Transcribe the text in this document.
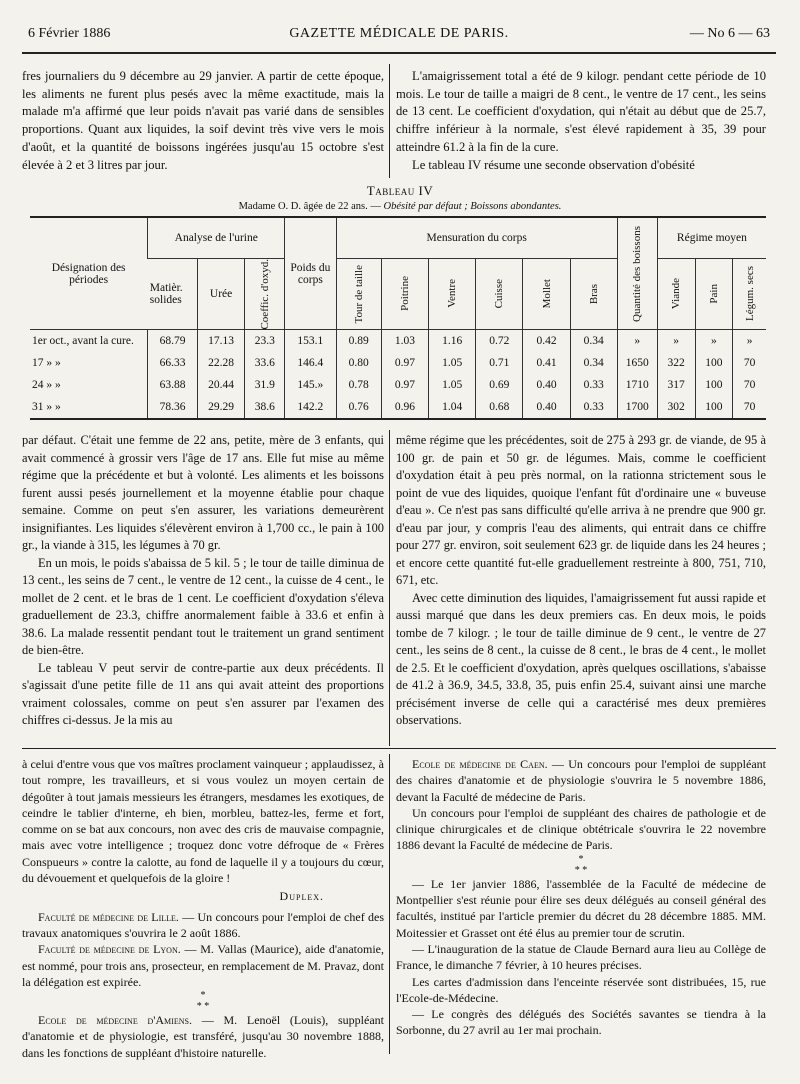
6 Février 1886	GAZETTE MÉDICALE DE PARIS.	— No 6 — 63

fres journaliers du 9 décembre au 29 janvier. A partir de cette époque, les aliments ne furent plus pesés avec la même exactitude, mais la malade m'a affirmé que leur poids n'avait pas varié dans de sensibles proportions. Quant aux liquides, la soif devint très vive vers le mois d'août, et la quantité de boissons ingérées jusqu'au 15 octobre s'est élevée à 2 et 3 litres par jour.

L'amaigrissement total a été de 9 kilogr. pendant cette période de 10 mois. Le tour de taille a maigri de 8 cent., le ventre de 17 cent., les seins de 13 cent. Le coefficient d'oxydation, qui n'était au début que de 25.7, chiffre inférieur à la normale, s'est élevé rapidement à 35, 39 pour atteindre 61.2 à la fin de la cure.

Le tableau IV résume une seconde observation d'obésité

Tableau IV
Madame O. D. âgée de 22 ans. — Obésité par défaut ; Boissons abondantes.
Désignation des périodes	Analyse de l'urine			Poids du corps	Mensuration du corps						Quantité des boissons	Régime moyen		
	Matièr. solides	Urée	Coeffic. d'oxyd.		Tour de taille	Poitrine	Ventre	Cuisse	Mollet	Bras		Viande	Pain	Légum. secs

1er oct., avant la cure.	68.79	17.13	23.3	153.1	0.89	1.03	1.16	0.72	0.42	0.34	»	»	»	»
17 » »	66.33	22.28	33.6	146.4	0.80	0.97	1.05	0.71	0.41	0.34	1650	322	100	70
24 » »	63.88	20.44	31.9	145.»	0.78	0.97	1.05	0.69	0.40	0.33	1710	317	100	70
31 » »	78.36	29.29	38.6	142.2	0.76	0.96	1.04	0.68	0.40	0.33	1700	302	100	70

par défaut. C'était une femme de 22 ans, petite, mère de 3 enfants, qui avait commencé à grossir vers l'âge de 17 ans. Elle fut mise au même régime que la précédente et but à volonté. Les aliments et les boissons furent aussi pesés journellement et la moyenne établie pour chaque semaine. Comme on peut s'en assurer, les variations demeurèrent insignifiantes. Les liquides s'élevèrent environ à 1,700 cc., le pain à 100 gr., la viande à 315, les légumes à 70 gr.

En un mois, le poids s'abaissa de 5 kil. 5 ; le tour de taille diminua de 13 cent., les seins de 7 cent., le ventre de 12 cent., la cuisse de 4 cent., le mollet de 2 cent. et le bras de 1 cent. Le coefficient d'oxydation s'éleva graduellement de 23.3, chiffre anormalement faible à 33.6 et enfin à 38.6. La malade ressentit pendant tout le traitement un grand sentiment de bien-être.

Le tableau V peut servir de contre-partie aux deux précédents. Il s'agissait d'une petite fille de 11 ans qui avait atteint des proportions vraiment colossales, comme on peut s'en assurer par l'examen des chiffres ci-dessus. Je la mis au

même régime que les précédentes, soit de 275 à 293 gr. de viande, de 95 à 100 gr. de pain et 50 gr. de légumes. Mais, comme le coefficient d'oxydation était à peu près normal, on la rationna strictement sous le point de vue des liquides, quoique l'enfant fût d'ordinaire une « buveuse d'eau ». Ce n'est pas sans difficulté qu'elle arriva à ne prendre que 900 gr. d'eau par jour, y compris l'eau des aliments, qui entrait dans ce chiffre pour 277 gr. environ, soit seulement 623 gr. de liquide dans les 24 heures ; et encore cette quantité fut-elle graduellement restreinte à 800, 751, 710, 671, etc.

Avec cette diminution des liquides, l'amaigrissement fut aussi rapide et aussi marqué que dans les deux premiers cas. En deux mois, le poids tombe de 7 kilogr. ; le tour de taille diminue de 9 cent., le ventre de 27 cent., les seins de 8 cent., la cuisse de 8 cent., le bras de 4 cent., le mollet de 2.5. Et le coefficient d'oxydation, après quelques oscillations, s'abaisse de 41.2 à 36.9, 34.5, 33.8, 35, puis enfin 25.4, suivant ainsi une marche précisément inverse de celle qui a caractérisé mes deux premières observations.

à celui d'entre vous que vos maîtres proclament vainqueur ; applaudissez, à tout rompre, les travailleurs, et si vous voulez un moyen certain de dégoûter à tout jamais messieurs les étrangers, mesdames les exotiques, de ceindre le tablier d'interne, eh bien, morbleu, battez-les, ferme et fort, comme on se bat aux concours, non avec des cris de mauvaise compagnie, mais avec votre intelligence ; troquez donc votre défroque de « Frères Conspueurs » contre la calotte, au fond de laquelle il y a toujours du cœur, du dévouement et quelquefois de la gloire !

Duplex.

Faculté de médecine de Lille. — Un concours pour l'emploi de chef des travaux anatomiques s'ouvrira le 2 août 1886.

Faculté de médecine de Lyon. — M. Vallas (Maurice), aide d'anatomie, est nommé, pour trois ans, prosecteur, en remplacement de M. Pravaz, dont la délégation est expirée.

*
* *

Ecole de médecine d'Amiens. — M. Lenoël (Louis), suppléant d'anatomie et de physiologie, est transféré, jusqu'au 30 novembre 1888, dans les fonctions de suppléant d'histoire naturelle.

Ecole de médecine de Caen. — Un concours pour l'emploi de suppléant des chaires d'anatomie et de physiologie s'ouvrira le 5 novembre 1886, devant la Faculté de médecine de Paris.

Un concours pour l'emploi de suppléant des chaires de pathologie et de clinique chirurgicales et de clinique obtétricale s'ouvrira le 22 novembre 1886 devant la Faculté de médecine de Paris.

*
* *

— Le 1er janvier 1886, l'assemblée de la Faculté de médecine de Montpellier s'est réunie pour élire ses deux délégués au conseil général des facultés, institué par l'article premier du décret du 28 décembre 1885. MM. Moitessier et Grasset ont été élus au premier tour de scrutin.

— L'inauguration de la statue de Claude Bernard aura lieu au Collège de France, le dimanche 7 février, à 10 heures précises.

Les cartes d'admission dans l'enceinte réservée sont distribuées, 15, rue l'Ecole-de-Médecine.

— Le congrès des délégués des Sociétés savantes se tiendra à la Sorbonne, du 27 avril au 1er mai prochain.
